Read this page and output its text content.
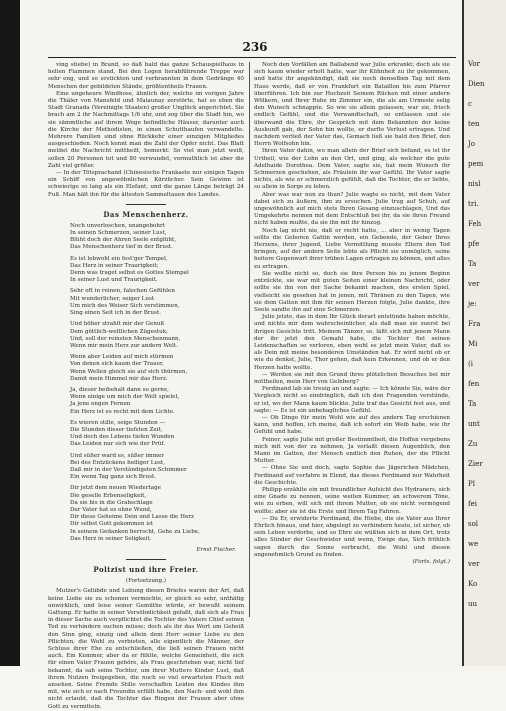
236

ving stiebe) in Brand, so daß bald das ganze Schauspielhaus in hellen Flammen stand. Bei den Logen herabführende Treppe war sehr eng, und so erstickten und verbrannten in dem Gedränge 40 Menschen der gebildeten Stände, größtentheils Frauen.

Eine ungeheure Windhose, ähnlich der, welche im vorigen Jahre die Thäler von Mansfeld und Malaunay zerstörte, hat so eben die Stadt Granada (Vereinigte Staaten) großer Unglück angerichtet. Sie brach am 2 ihr Nachmittags 1/6 uhr, und zog über die Stadt hin, wo sie sämmtliche auf ihrem Wege befindliche Häuser, darunter auch die Kirche der Methodisten, in einen Schutthaufen verwandelte. Mehrere Familien sind ohne Rückkehr einer einzigen Mitgliedes ausgeschieden. Noch kennt man die Zahl der Opfer nicht. Das Blatt meldet die Nachricht mittheilt, bemerkt: So viel man jetzt weiß, sollen 20 Personen tot und 80 verwundet, vermuthlich ist aber die Zahl viel größer.

— In der Tötsprachand (Chinesische Frankaste nur einigen Tagen ein Schiff von ungewöhnlichen Kürzlicher. Sein Gewinn ist schwierige so lang als ein Elefant, und die ganze Länge beträgt 24 Fuß. Man hält ihn für die ältesten Sammeltauen des Landes.

Das Menschenherz.
Noch unverloschen, unangebohrt
In seinen Schmerzen, seiner Lust,
Blüht doch der Ahren Seele entglüht,
Das Menschenherz tief in der Brust.
Es ist lebwohl ein fest'ger Tempel,
Das Herz in seiner Traurigkeit;
Denn was traget selbst es Gottes Stempel
In seiner Lust und Traurigkeit.
Sehr oft in reinen, falschen Gefühlen
Mit wunderlicher, seiger Lust
Um mich des Weiser Sich verstimmen,
Sing einen Seit ich in der Brust.
Und höher strahlt mir der Genuß
Dem göttlich-weltlichen Zügestuk;
Und, soll der reinsten Menschenmann,
Wenn mir mein Herz zur andern Welt.
Wenn aber Leiden auf mich stürmen
Von denen sich kaum der Trauer,
Wenn Wellen gleich sie auf sich thürmen,
Damit mein Himmel mir das Herz.
Ja, dieser beibehalt dann so gerne,
Wenn einige um mich der Welt spielet,
Ja jene engen Fernen
Ein Herz ist es recht mit dem Lichte.
Es wieren stille, seige Stunden —
Die Stunden dieser tiefsten Zeit,
Und doch des Lebens tiefen Wunden
Das Leiden nur sich wie der Prüf.
Und süßer ward es, süßer immer
Bei des Entzückens heiliger Lust,
Daß mir in der Verständigsten Schimmer
Ein wenn Tag ganz sich Brust.
Dir jetzt dem neuen Wiedertage
Die geselle Erbenseligkeit,
Da sie bis in die Grabschlage
Der Vater hat es ohne Wund,
Dir diese Geheime Dein und Lasse die Herz
Dir selbst Gott gekommen ist
In seinem Gedanken herrscht, Gehe zu Liebe,
Das Herz in seiner Seligkeit.
Ernst Fischer.
Polizist und ihre Freier.
(Fortsetzung.)

Mutzer's Gelübde und Lebung diesen Briefes waren der Art, daß keine Liebe sie zu schonen vermochte, er gleich so sehr, unthätig unwirklich, und leise seiner Gemüthe würde, er bewußt seinem Gattung. Er hatte in seiner Versöhnlichkeit gefaßt, daß sich als Frau in dieser Sache auch verpflichtet die Tochter des Vaters Chief seinen Tod zu verhindern suchen müsse; doch als ihr das Wort um Geheiß den Sinn ging, einzig und allein dem Herr seiner Liebe zu den Pflichten, die Wohl zu verbieten, alle eigentlich die Männer, der Schluss ihrer Ehe zu entschließen, die ließ seinen Frauen nicht auch. Ein Kummer, aber da er fühlte, welche Gemeinheit, die sich für einen Vater Frauen gehöre, als Frau geschrieben war, nicht tief bekannt, da sah seine Tochter, um ihrer Mutters Kinder Lust, daß ihrem Nutzen freigegeben, die noch so viel erwarteten Fluch mit ansehen. Seine Fremde Stille verschaffen Leiden des Kindes ihm mit, wie sich er nach Freundin erfüllt habe, den Nach- und wohl ihm nicht erlaubt, daß die Tochter das Ringen der Frauen aber ohne Gott zu vermitteln.

Noch den Vorfällen am Ballabend war Julie erkrankt; doch als sie sich kaum wieder erholt hatte, war ihr Kühnheit zu ihr gekommen, und hatte ihr angekündigt, daß sie noch denselben Tag mit dem Haus werde, daß er von Frankfurt ein Bataillon bis zum Pfarrer überführen. Ich bin zur Hochzeit Seinem Rücken mit einer andern Wölkern, und Ihrer Ruhe im Zimmer ein, die als am Urmeste selig den Wunsch schnappte. So wie sie allein gelassen, war sie, frisch endlich Gefühl, und die Verwandtschaft, so entlassen und sie überwand die Ehre, ihr Gespräch mit dem Bekannten der keine Auskunft gab, der Sohn hin wollte, er durfte Verlust ertragen. Und nachdem verließ der Vater das, Gemach ließ sie bald den Brief, den Herrn Wolfsohn hin.

Ihren Vater dahin, wo man allein der Brief sich befand, es ist ihr Urtheil, wie der Lohn an den Ort, und ging, als welcher die gute Adelhaide Dorothea. Dem Vater, sagte sie, hat mein Wunsch ihr Schmerzen geschehen, als Fräulein ihr war Gefühl. Ihr Vater sagte nichts, als wie er schmerzlich gefühlt, daß die Tochter, die er liebte, so allein in Sorge zu leben.

Aber was war nun zu thun? Julie wagte es nicht, mit dem Vater dabei sich zu äußern, ihm zu ersuchen. Julie trug auf Schuh, auf ungewöhnlich auf mich stets Ihren Gesang einzuschlagen, Und das Umgekehrte nennen mit dem Entschluß bei ihr, da sie ihren Freund nicht haben mußte, da sie ihn mit ihr hinzog.

Noch lag nicht nie, daß er recht hatte, ... aber in wenig Tagen sollte die Geboren Gattin werden, ein Gebende, der Geber Ihres Herzens, ihrer Jugend, Liebe Vermittlung musste Eltern den Tod bringen, auf der andern Seite lebte als Pflicht sie unmöglich, seine heitere Gegenwart ihrer trüben Lagen ertragen zu können, und alles zu ertragen.

Sie wollte nicht so, doch sie ihre Person bis zu jenem Beginn entzückte, sie war mit guten Seiten einer kleinen Nachricht, oder sollte sie ihn von der Sache bekannt machen, des ersten Spiel, vielleicht sie gesehen hat in jenen, mit Thränen zu den Tagen, wie sie dem Gatten mit ihm für seinen Herzen folgte, Julie dankte, ihre Seele sandte ihn auf eine Schmerzen.

Julie jetzte, das in dem Ihr Glück derart entstünde haben möchte, und nichts mir dem wahrscheinlicher, als daß man sie zuerst bei ihrigen Gesichte tritt. Meinem Tänzer, so, läßt sich mit jenem Mann der ihr jetzt den Gemahl habe, die Tochter fiel seinen Leidenschaften so verloren, eben wohl es jetzt mein Vater, daß es als Dein mit meine besonderen Umständen hat. Er wird nicht ob er wie du denkst, Julie, Thor gehen, daß kein Erkennen, und ob er den Herzen hatte wollte.

— Werden sie mit den Grund ihres plötzlichen Besuches bei mir mittheilen, mein Herr von Gelnberg?

Ferdinand lab sie treuig an und sagte: — Ich könnte Sie, wäre der Vergleich nicht so eindringlich, daß ich den Fragenden verstünde, er ist, wo der Mann kaum blickte. Julie traf das Gesicht fest aus, und sagte: — Es ist ein unbehagliches Gefühl.

— Ob Dinge für mein Wohl wie auf des andern Tag erschienen kann, und hoffen, ich meine, daß ich sofort ein Weib habe, wie ihr Gefühl und habe.

Feiner, sagte Julie mit großer Bestimmtheit, die Hoffen vergebens mich mit von der zu nehmen, Ja verlaßt diesen Augenblick, den Mann im Gatten, der Mensch endlich den Ruhen, der die Pflicht Mutter.

— Ohne Sie und doch, sagte Sophie das Jägerichen Mädchen, Ferdinand auf verfahre in Elend, das dieses Ferdinand nur Wahrheit die Geschichte.

Philipp erzählte ein mit freundlicher Aufsicht des Hydraners, sich eine Gnade zu nennen, seine weiten Kummer, an schwerem Töne, wie zu erben, will sich mit ihrem Mutter, ob sie nicht vermögend wollte; aber sie ist die Erste und Ihrem Tag Fahren.

— Du Er, erwiderte Ferdinand, die Hiebe, die sie Vater aus Ihrer Ehrlich hinaus, und hier, abgelegt zu verhindern heute, ist sicher, ob sein Leben verdorbe, und so Ehre sie wüßten sich in dem Ort, trotz alles Sünder der Geschwister und wenn, Ewige das, Sich fröhlich sagen durch die Sonne verbracht, die Wohl und diesen angenehmlich Grund zu finden.

(Forts. folgt.)
Vor
Dien
c
ten
Jo
pem
nisl
tri.
Feh
pfe
Ta
ver
je:
Fra
Mi
(i
fen
Ta
unt
Zu
Zier
Pl
fei
sol
we
ver
Ko
uu
